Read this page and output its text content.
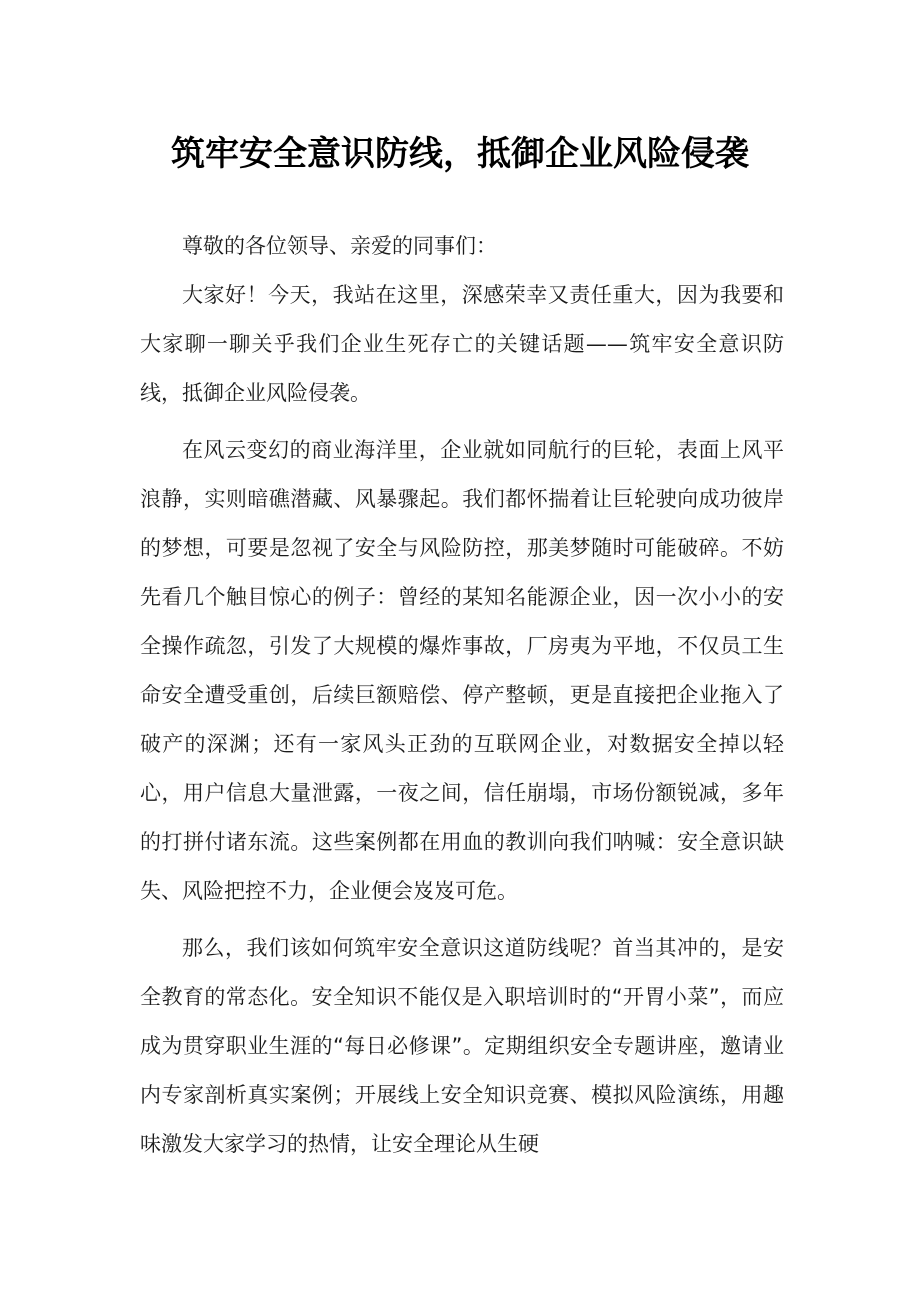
筑牢安全意识防线，抵御企业风险侵袭

尊敬的各位领导、亲爱的同事们：

大家好！今天，我站在这里，深感荣幸又责任重大，因为我要和大家聊一聊关乎我们企业生死存亡的关键话题——筑牢安全意识防线，抵御企业风险侵袭。

在风云变幻的商业海洋里，企业就如同航行的巨轮，表面上风平浪静，实则暗礁潜藏、风暴骤起。我们都怀揣着让巨轮驶向成功彼岸的梦想，可要是忽视了安全与风险防控，那美梦随时可能破碎。不妨先看几个触目惊心的例子：曾经的某知名能源企业，因一次小小的安全操作疏忽，引发了大规模的爆炸事故，厂房夷为平地，不仅员工生命安全遭受重创，后续巨额赔偿、停产整顿，更是直接把企业拖入了破产的深渊；还有一家风头正劲的互联网企业，对数据安全掉以轻心，用户信息大量泄露，一夜之间，信任崩塌，市场份额锐减，多年的打拼付诸东流。这些案例都在用血的教训向我们呐喊：安全意识缺失、风险把控不力，企业便会岌岌可危。

那么，我们该如何筑牢安全意识这道防线呢？首当其冲的，是安全教育的常态化。安全知识不能仅是入职培训时的“开胃小菜”，而应成为贯穿职业生涯的“每日必修课”。定期组织安全专题讲座，邀请业内专家剖析真实案例；开展线上安全知识竞赛、模拟风险演练，用趣味激发大家学习的热情，让安全理论从生硬
